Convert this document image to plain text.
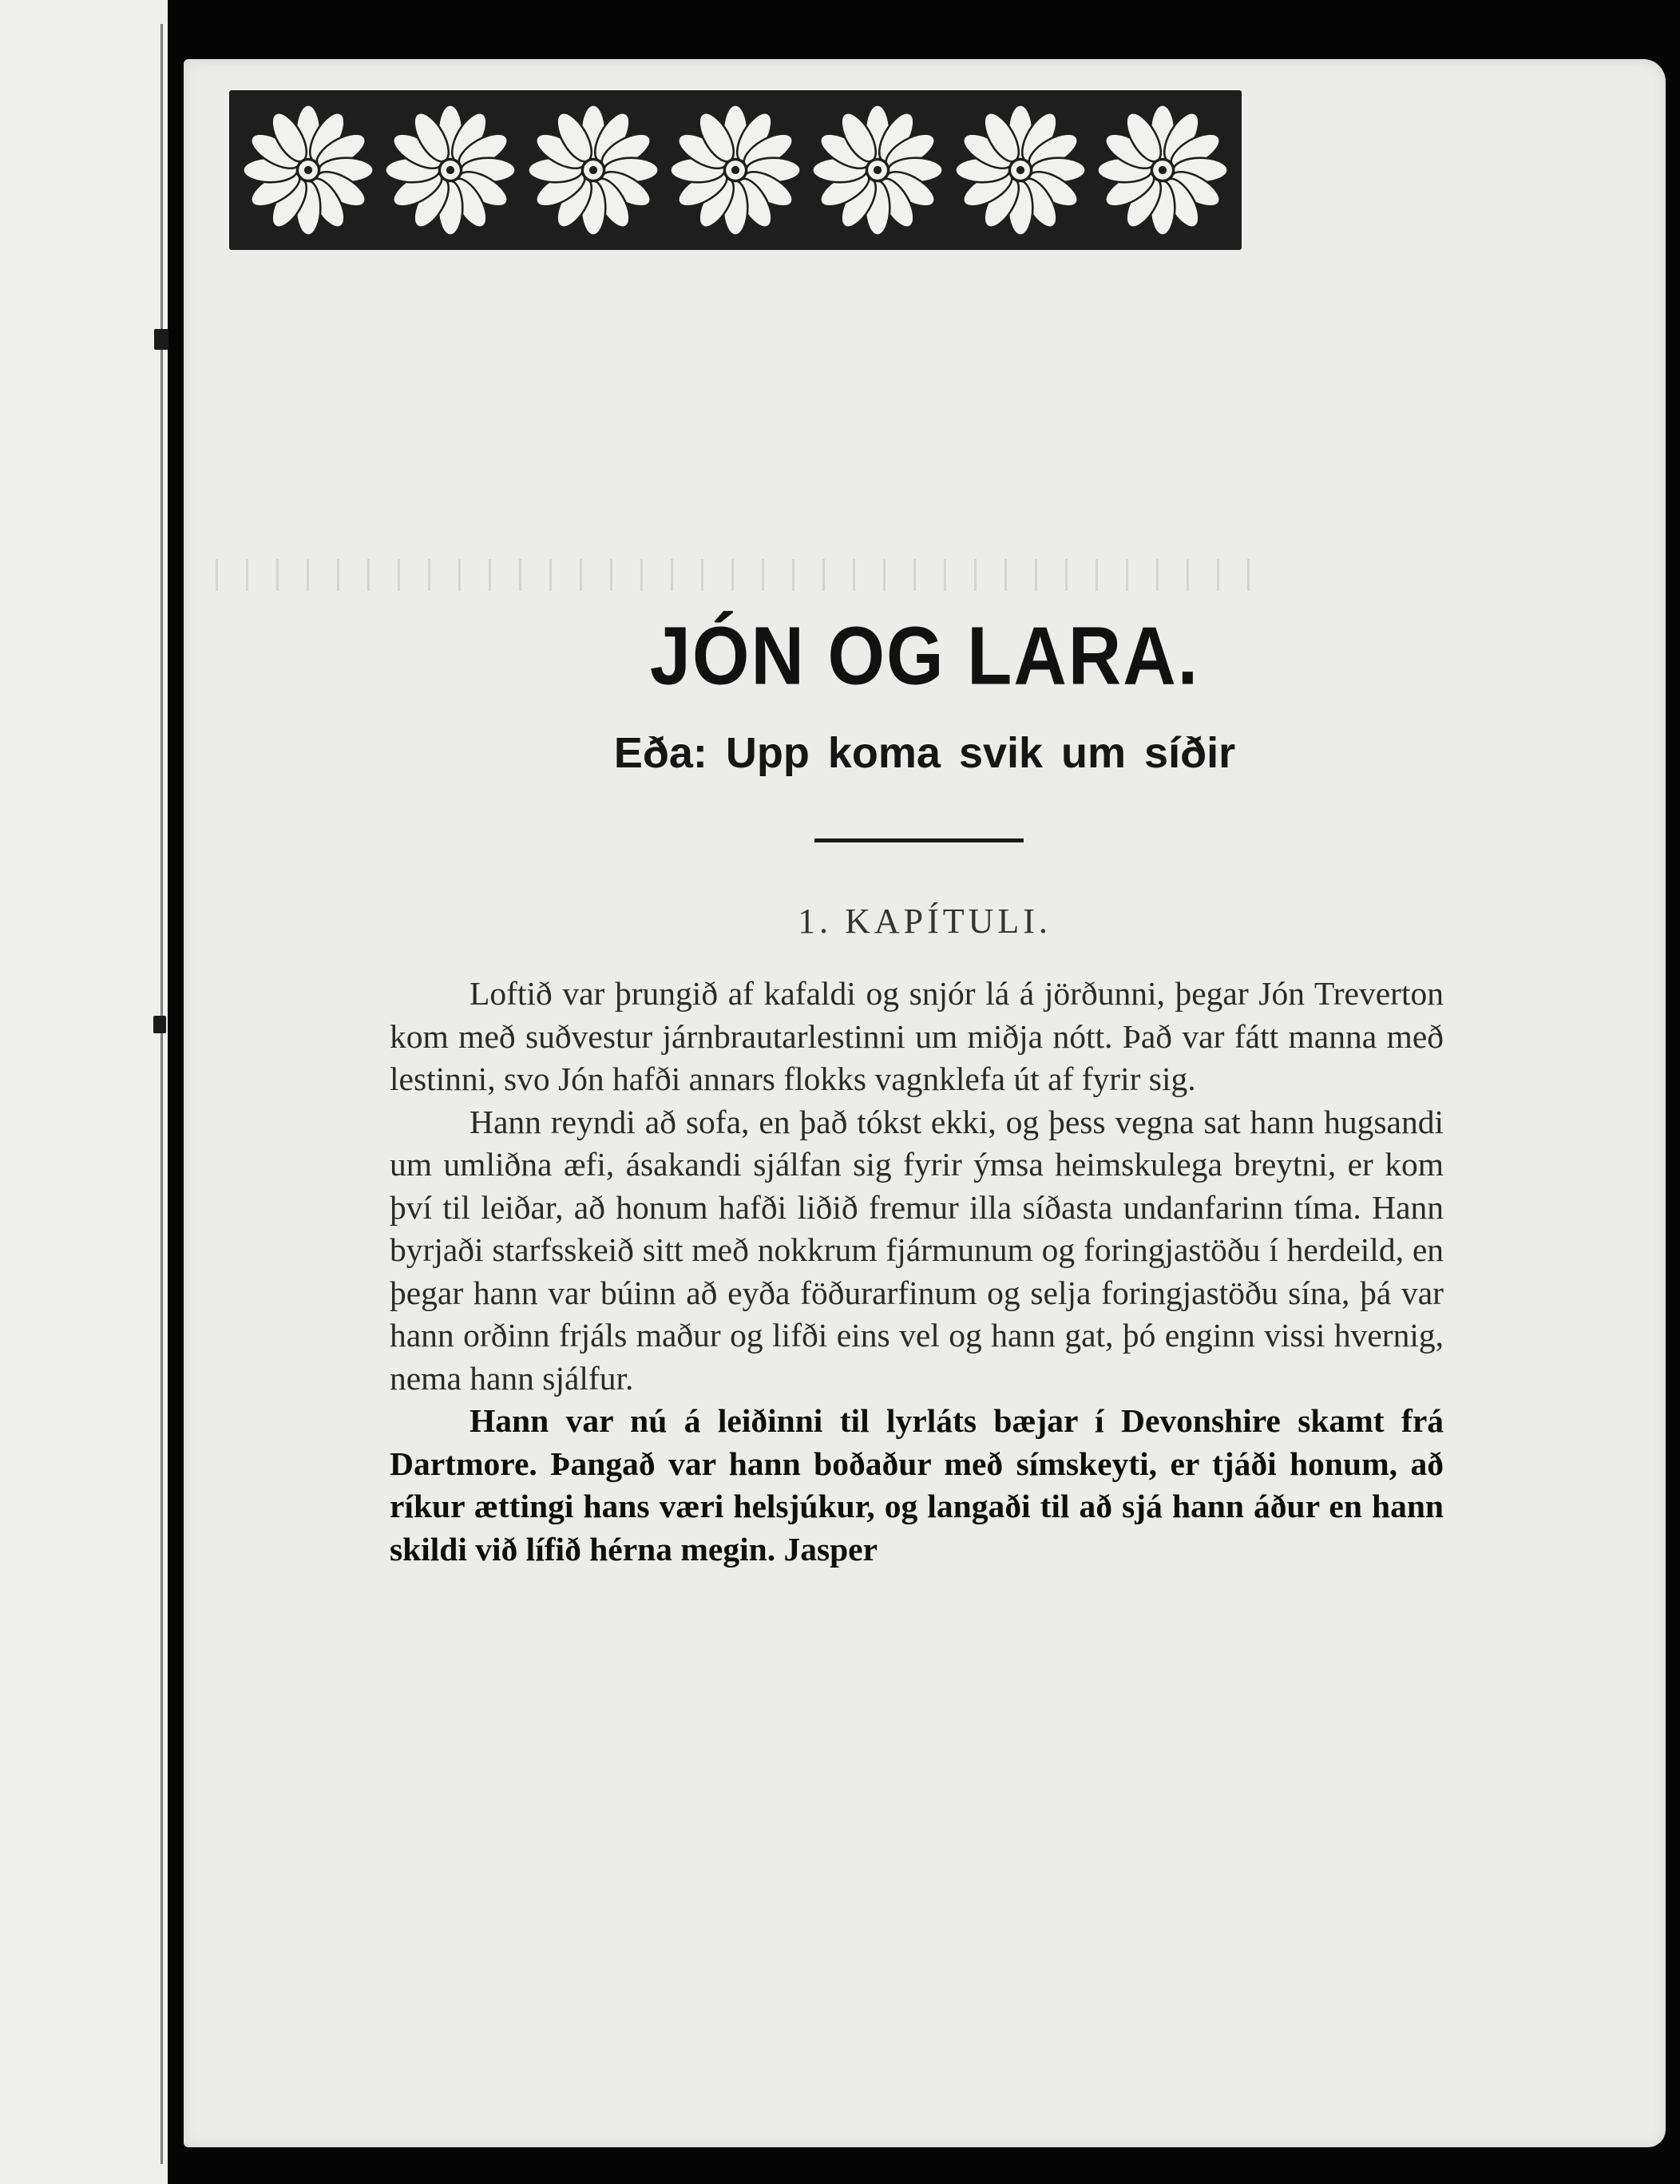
JÓN OG LARA.
Eða: Upp koma svik um síðir
1. KAPÍTULI.

Loftið var þrungið af kafaldi og snjór lá á jörðunni, þegar Jón Treverton kom með suðvestur járnbrautarlestinni um miðja nótt. Það var fátt manna með lestinni, svo Jón hafði annars flokks vagnklefa út af fyrir sig.

Hann reyndi að sofa, en það tókst ekki, og þess vegna sat hann hugsandi um umliðna æfi, ásakandi sjálfan sig fyrir ýmsa heimskulega breytni, er kom því til leiðar, að honum hafði liðið fremur illa síðasta undanfarinn tíma. Hann byrjaði starfsskeið sitt með nokkrum fjármunum og foringjastöðu í herdeild, en þegar hann var búinn að eyða föðurarfinum og selja foringjastöðu sína, þá var hann orðinn frjáls maður og lifði eins vel og hann gat, þó enginn vissi hvernig, nema hann sjálfur.

Hann var nú á leiðinni til lyrláts bæjar í Devonshire skamt frá Dartmore. Þangað var hann boðaður með símskeyti, er tjáði honum, að ríkur ættingi hans væri helsjúkur, og langaði til að sjá hann áður en hann skildi við lífið hérna megin. Jasper
